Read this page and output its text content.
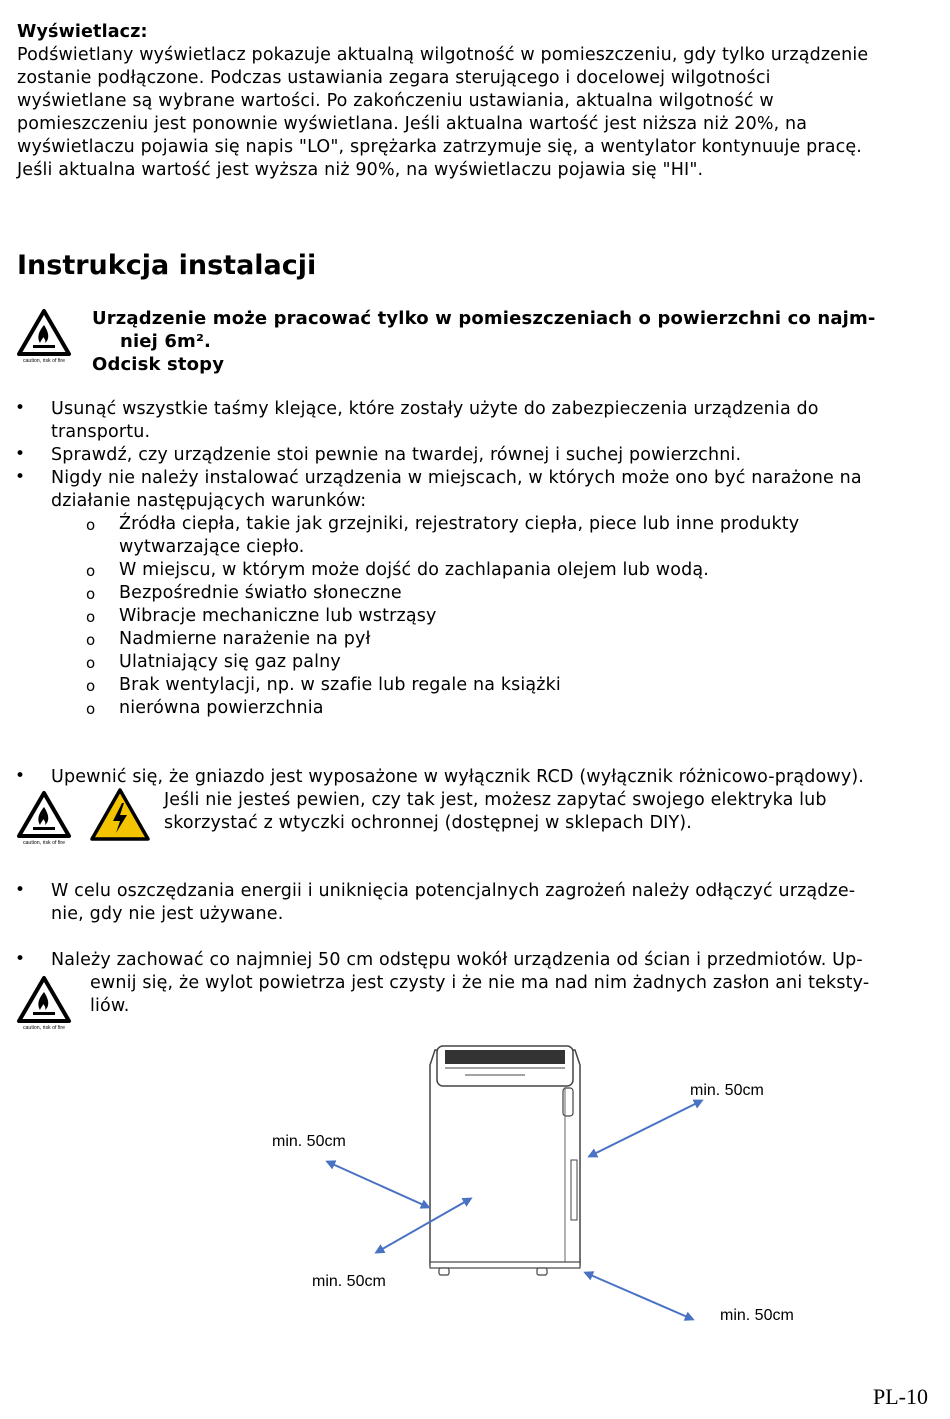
Wyświetlacz:
Podświetlany wyświetlacz pokazuje aktualną wilgotność w pomieszczeniu, gdy tylko urządzenie
zostanie podłączone. Podczas ustawiania zegara sterującego i docelowej wilgotności
wyświetlane są wybrane wartości. Po zakończeniu ustawiania, aktualna wilgotność w
pomieszczeniu jest ponownie wyświetlana. Jeśli aktualna wartość jest niższa niż 20%, na
wyświetlaczu pojawia się napis "LO", sprężarka zatrzymuje się, a wentylator kontynuuje pracę.
Jeśli aktualna wartość jest wyższa niż 90%, na wyświetlaczu pojawia się "HI".
Instrukcja instalacji
caution, risk of fire
Urządzenie może pracować tylko w pomieszczeniach o powierzchni co najm-
niej 6m².
Odcisk stopy
• Usunąć wszystkie taśmy klejące, które zostały użyte do zabezpieczenia urządzenia do
transportu.
• Sprawdź, czy urządzenie stoi pewnie na twardej, równej i suchej powierzchni.
• Nigdy nie należy instalować urządzenia w miejscach, w których może ono być narażone na
działanie następujących warunków:
o Źródła ciepła, takie jak grzejniki, rejestratory ciepła, piece lub inne produkty
wytwarzające ciepło.
o W miejscu, w którym może dojść do zachlapania olejem lub wodą.
o Bezpośrednie światło słoneczne
o Wibracje mechaniczne lub wstrząsy
o Nadmierne narażenie na pył
o Ulatniający się gaz palny
o Brak wentylacji, np. w szafie lub regale na książki
o nierówna powierzchnia
• Upewnić się, że gniazdo jest wyposażone w wyłącznik RCD (wyłącznik różnicowo-prądowy).
Jeśli nie jesteś pewien, czy tak jest, możesz zapytać swojego elektryka lub
skorzystać z wtyczki ochronnej (dostępnej w sklepach DIY).
caution, risk of fire
• W celu oszczędzania energii i uniknięcia potencjalnych zagrożeń należy odłączyć urządze-
nie, gdy nie jest używane.
• Należy zachować co najmniej 50 cm odstępu wokół urządzenia od ścian i przedmiotów. Up-
ewnij się, że wylot powietrza jest czysty i że nie ma nad nim żadnych zasłon ani teksty-
liów.
caution, risk of fire
min. 50cm
min. 50cm
min. 50cm
min. 50cm
PL-10
